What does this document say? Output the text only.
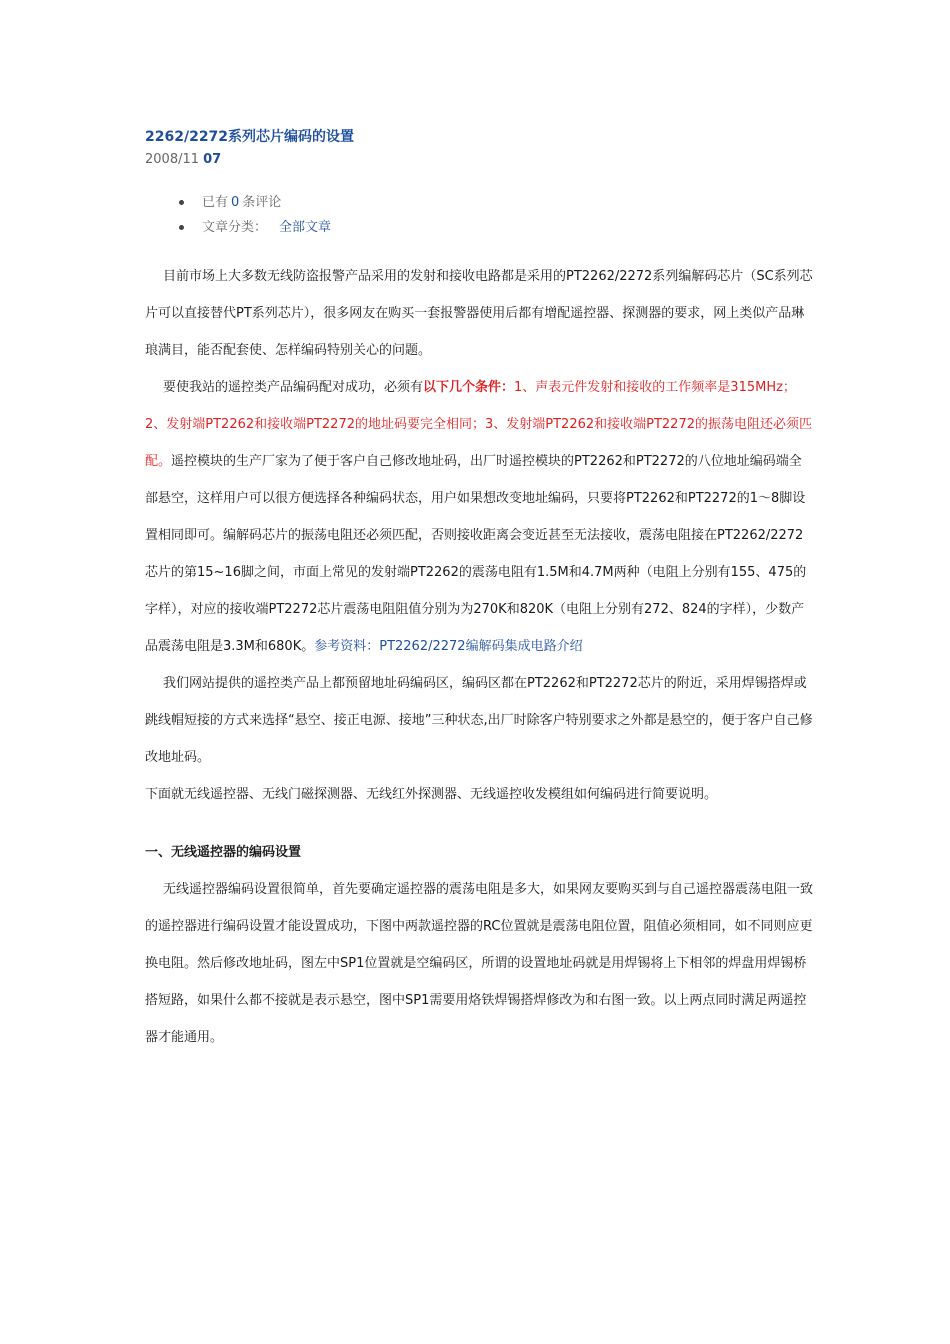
2262/2272系列芯片编码的设置
2008/11 07
已有 0 条评论
文章分类： 全部文章

目前市场上大多数无线防盗报警产品采用的发射和接收电路都是采用的PT2262/2272系列编解码芯片（SC系列芯片可以直接替代PT系列芯片），很多网友在购买一套报警器使用后都有增配遥控器、探测器的要求，网上类似产品琳琅满目，能否配套使、怎样编码特别关心的问题。

要使我站的遥控类产品编码配对成功，必须有以下几个条件：1、声表元件发射和接收的工作频率是315MHz；2、发射端PT2262和接收端PT2272的地址码要完全相同；3、发射端PT2262和接收端PT2272的振荡电阻还必须匹配。遥控模块的生产厂家为了便于客户自己修改地址码，出厂时遥控模块的PT2262和PT2272的八位地址编码端全部悬空，这样用户可以很方便选择各种编码状态，用户如果想改变地址编码，只要将PT2262和PT2272的1～8脚设置相同即可。编解码芯片的振荡电阻还必须匹配，否则接收距离会变近甚至无法接收，震荡电阻接在PT2262/2272芯片的第15~16脚之间，市面上常见的发射端PT2262的震荡电阻有1.5M和4.7M两种（电阻上分别有155、475的字样），对应的接收端PT2272芯片震荡电阻阻值分别为为270K和820K（电阻上分别有272、824的字样），少数产品震荡电阻是3.3M和680K。参考资料：PT2262/2272编解码集成电路介绍

我们网站提供的遥控类产品上都预留地址码编码区，编码区都在PT2262和PT2272芯片的附近，采用焊锡搭焊或跳线帽短接的方式来选择“悬空、接正电源、接地”三种状态,出厂时除客户特别要求之外都是悬空的，便于客户自己修改地址码。

下面就无线遥控器、无线门磁探测器、无线红外探测器、无线遥控收发模组如何编码进行简要说明。

一、无线遥控器的编码设置

无线遥控器编码设置很简单，首先要确定遥控器的震荡电阻是多大，如果网友要购买到与自己遥控器震荡电阻一致的遥控器进行编码设置才能设置成功，下图中两款遥控器的RC位置就是震荡电阻位置，阻值必须相同，如不同则应更换电阻。然后修改地址码，图左中SP1位置就是空编码区，所谓的设置地址码就是用焊锡将上下相邻的焊盘用焊锡桥搭短路，如果什么都不接就是表示悬空，图中SP1需要用烙铁焊锡搭焊修改为和右图一致。以上两点同时满足两遥控器才能通用。
